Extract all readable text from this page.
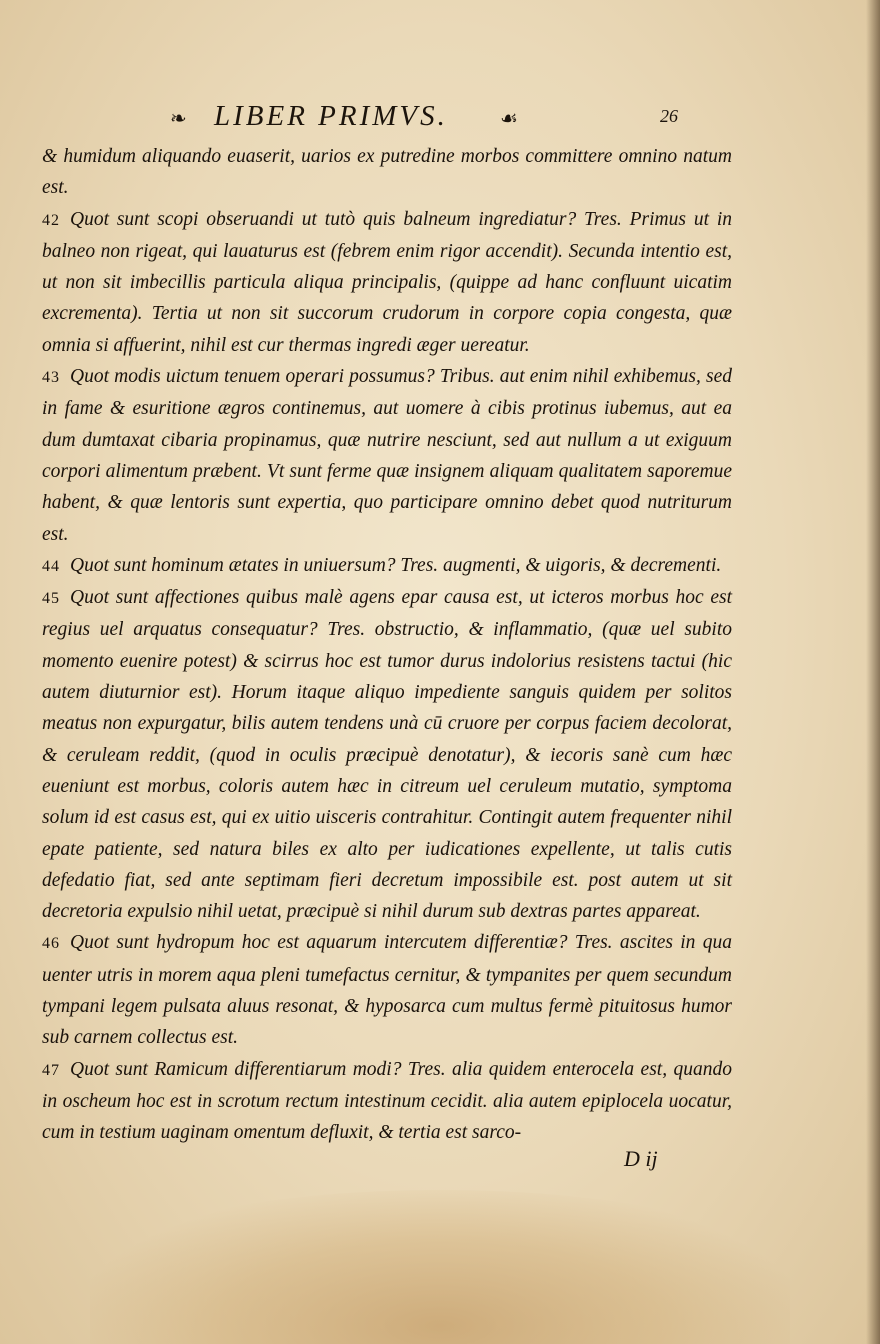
❧ LIBER PRIMVS.	☙	26

& humidum aliquando euaserit, uarios ex putredine morbos committere omnino natum est.

42 Quot sunt scopi obseruandi ut tutò quis balneum ingrediatur? Tres. Primus ut in balneo non rigeat, qui lauaturus est (febrem enim rigor accendit). Secunda intentio est, ut non sit imbecillis particula aliqua principalis, (quippe ad hanc confluunt uicatim excrementa). Tertia ut non sit succorum crudorum in corpore copia congesta, quæ omnia si affuerint, nihil est cur thermas ingredi æger uereatur.

43 Quot modis uictum tenuem operari possumus? Tribus. aut enim nihil exhibemus, sed in fame & esuritione ægros continemus, aut uomere à cibis protinus iubemus, aut ea dum dumtaxat cibaria propinamus, quæ nutrire nesciunt, sed aut nullum a ut exiguum corpori alimentum præbent. Vt sunt ferme quæ insignem aliquam qualitatem saporemue habent, & quæ lentoris sunt expertia, quo participare omnino debet quod nutriturum est.

44 Quot sunt hominum ætates in uniuersum? Tres. augmenti, & uigoris, & decrementi.

45 Quot sunt affectiones quibus malè agens epar causa est, ut icteros morbus hoc est regius uel arquatus consequatur? Tres. obstructio, & inflammatio, (quæ uel subito momento euenire potest) & scirrus hoc est tumor durus indolorius resistens tactui (hic autem diuturnior est). Horum itaque aliquo impediente sanguis quidem per solitos meatus non expurgatur, bilis autem tendens unà cū cruore per corpus faciem decolorat, & ceruleam reddit, (quod in oculis præcipuè denotatur), & iecoris sanè cum hæc eueniunt est morbus, coloris autem hæc in citreum uel ceruleum mutatio, symptoma solum id est casus est, qui ex uitio uisceris contrahitur. Contingit autem frequenter nihil epate patiente, sed natura biles ex alto per iudicationes expellente, ut talis cutis defedatio fiat, sed ante septimam fieri decretum impossibile est. post autem ut sit decretoria expulsio nihil uetat, præcipuè si nihil durum sub dextras partes appareat.

46 Quot sunt hydropum hoc est aquarum intercutem differentiæ? Tres. ascites in qua uenter utris in morem aqua pleni tumefactus cernitur, & tympanites per quem secundum tympani legem pulsata aluus resonat, & hyposarca cum multus fermè pituitosus humor sub carnem collectus est.

47 Quot sunt Ramicum differentiarum modi? Tres. alia quidem enterocela est, quando in oscheum hoc est in scrotum rectum intestinum cecidit. alia autem epiplocela uocatur, cum in testium uaginam omentum defluxit, & tertia est sarco-

D ij
